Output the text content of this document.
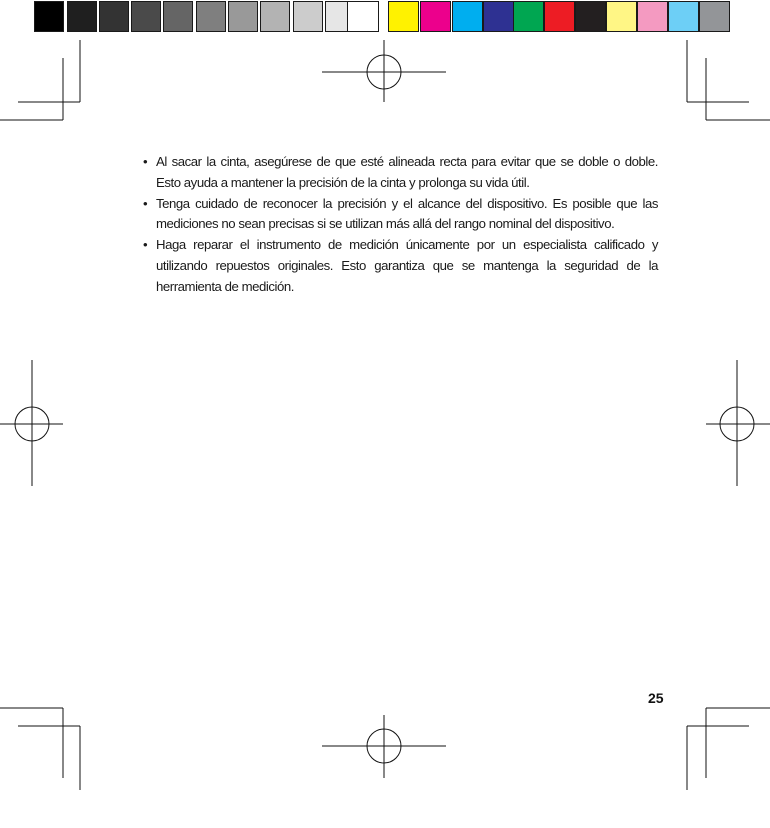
• Al sacar la cinta, asegúrese de que esté alineada recta para evitar que se doble o doble. Esto ayuda a mantener la precisión de la cinta y prolonga su vida útil.
• Tenga cuidado de reconocer la precisión y el alcance del dispositivo. Es posible que las mediciones no sean precisas si se utilizan más allá del rango nominal del dispositivo.
• Haga reparar el instrumento de medición únicamente por un especialista calificado y utilizando repuestos originales. Esto garantiza que se mantenga la seguridad de la herramienta de medición.
25
